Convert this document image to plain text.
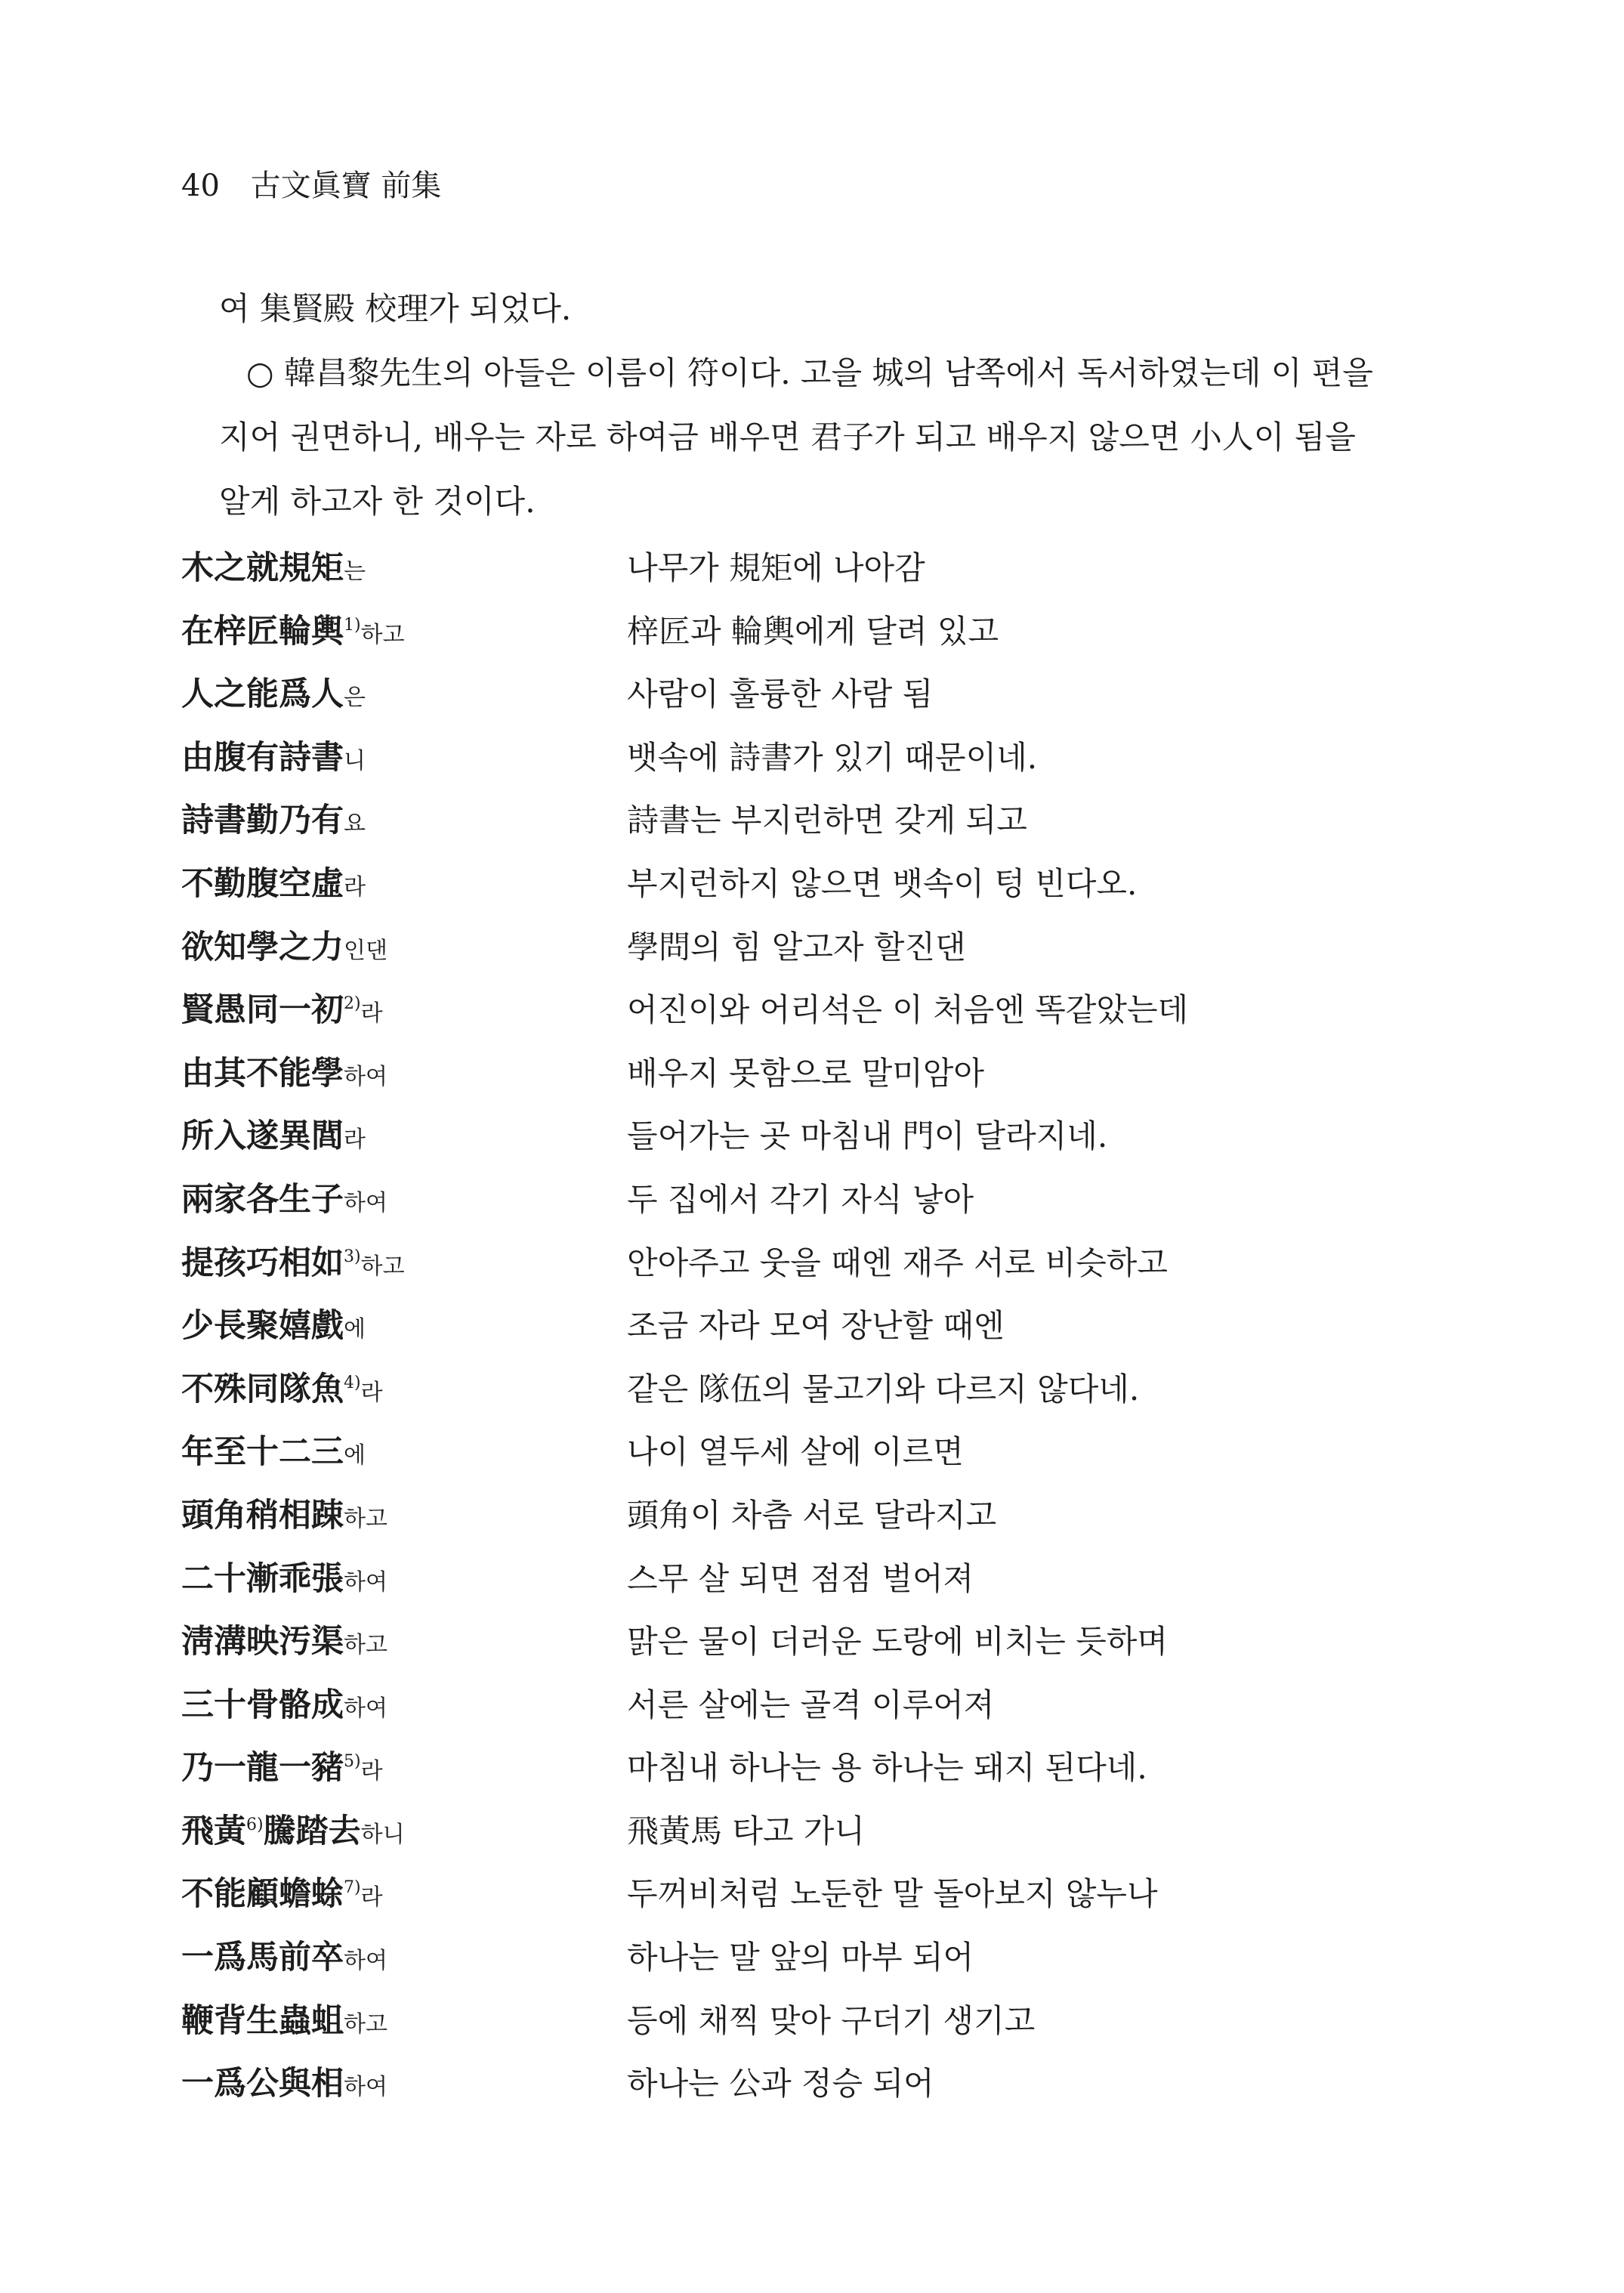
40 古文眞寶 前集

여 集賢殿 校理가 되었다.

○ 韓昌黎先生의 아들은 이름이 符이다. 고을 城의 남쪽에서 독서하였는데 이 편을

지어 권면하니, 배우는 자로 하여금 배우면 君子가 되고 배우지 않으면 小人이 됨을

알게 하고자 한 것이다.

木之就規矩는	나무가 規矩에 나아감
在梓匠輪輿$^{1)}$하고	梓匠과 輪輿에게 달려 있고
人之能爲人은	사람이 훌륭한 사람 됨
由腹有詩書니	뱃속에 詩書가 있기 때문이네.
詩書勤乃有요	詩書는 부지런하면 갖게 되고
不勤腹空虛라	부지런하지 않으면 뱃속이 텅 빈다오.
欲知學之力인댄	學問의 힘 알고자 할진댄
賢愚同一初$^{2)}$라	어진이와 어리석은 이 처음엔 똑같았는데
由其不能學하여	배우지 못함으로 말미암아
所入遂異閭라	들어가는 곳 마침내 門이 달라지네.
兩家各生子하여	두 집에서 각기 자식 낳아
提孩巧相如$^{3)}$하고	안아주고 웃을 때엔 재주 서로 비슷하고
少長聚嬉戲에	조금 자라 모여 장난할 때엔
不殊同隊魚$^{4)}$라	같은 隊伍의 물고기와 다르지 않다네.
年至十二三에	나이 열두세 살에 이르면
頭角稍相踈하고	頭角이 차츰 서로 달라지고
二十漸乖張하여	스무 살 되면 점점 벌어져
淸溝映汚渠하고	맑은 물이 더러운 도랑에 비치는 듯하며
三十骨骼成하여	서른 살에는 골격 이루어져
乃一龍一豬$^{5)}$라	마침내 하나는 용 하나는 돼지 된다네.
飛黃$^{6)}$騰踏去하니	飛黃馬 타고 가니
不能顧蟾蜍$^{7)}$라	두꺼비처럼 노둔한 말 돌아보지 않누나
一爲馬前卒하여	하나는 말 앞의 마부 되어
鞭背生蟲蛆하고	등에 채찍 맞아 구더기 생기고
一爲公與相하여	하나는 公과 정승 되어
